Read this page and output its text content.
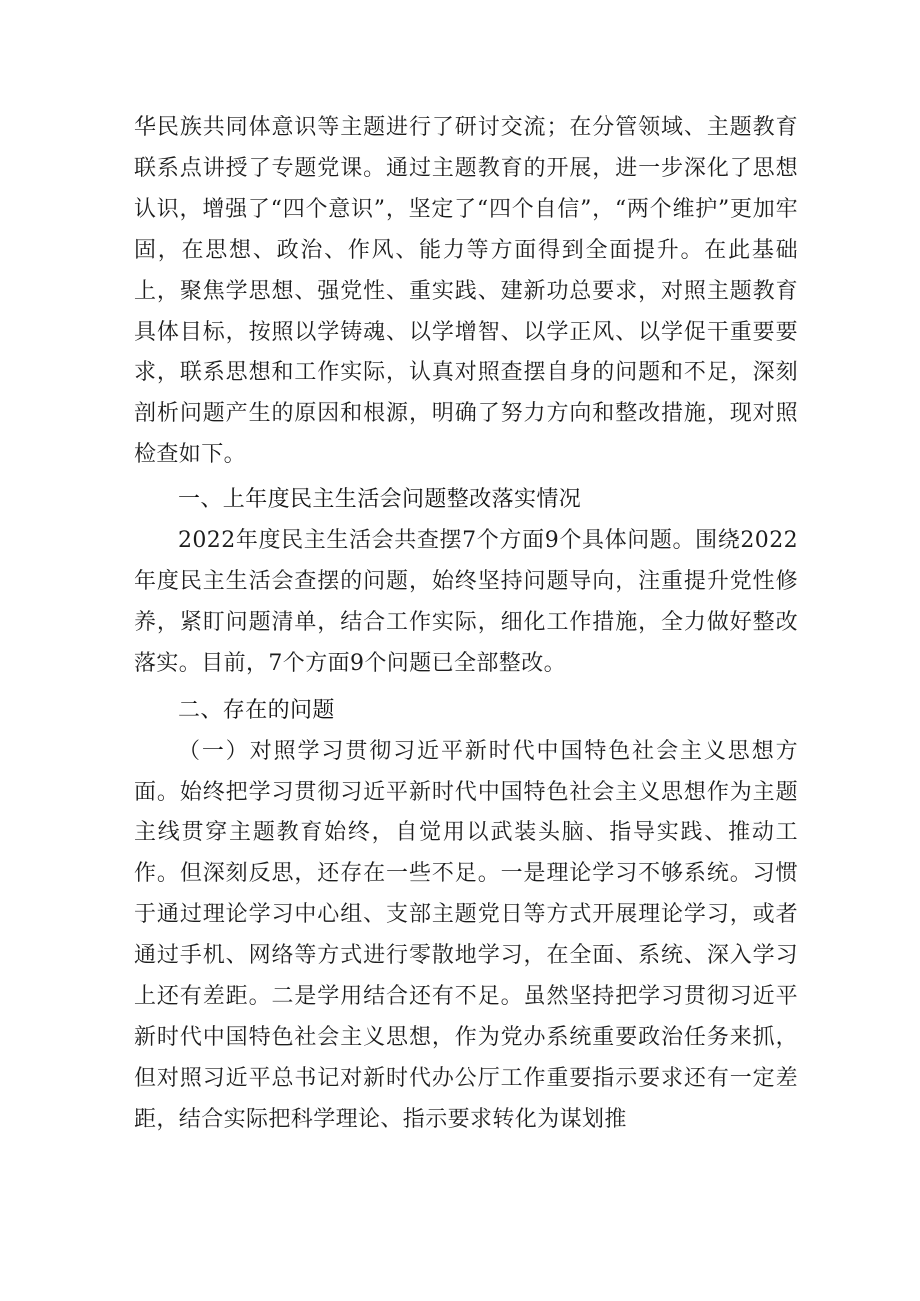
华民族共同体意识等主题进行了研讨交流；在分管领域、主题教育联系点讲授了专题党课。通过主题教育的开展，进一步深化了思想认识，增强了“四个意识”，坚定了“四个自信”，“两个维护”更加牢固，在思想、政治、作风、能力等方面得到全面提升。在此基础上，聚焦学思想、强党性、重实践、建新功总要求，对照主题教育具体目标，按照以学铸魂、以学增智、以学正风、以学促干重要要求，联系思想和工作实际，认真对照查摆自身的问题和不足，深刻剖析问题产生的原因和根源，明确了努力方向和整改措施，现对照检查如下。

一、上年度民主生活会问题整改落实情况

2022年度民主生活会共查摆7个方面9个具体问题。围绕2022年度民主生活会查摆的问题，始终坚持问题导向，注重提升党性修养，紧盯问题清单，结合工作实际，细化工作措施，全力做好整改落实。目前，7个方面9个问题已全部整改。

二、存在的问题

（一）对照学习贯彻习近平新时代中国特色社会主义思想方面。始终把学习贯彻习近平新时代中国特色社会主义思想作为主题主线贯穿主题教育始终，自觉用以武装头脑、指导实践、推动工作。但深刻反思，还存在一些不足。一是理论学习不够系统。习惯于通过理论学习中心组、支部主题党日等方式开展理论学习，或者通过手机、网络等方式进行零散地学习，在全面、系统、深入学习上还有差距。二是学用结合还有不足。虽然坚持把学习贯彻习近平新时代中国特色社会主义思想，作为党办系统重要政治任务来抓，但对照习近平总书记对新时代办公厅工作重要指示要求还有一定差距，结合实际把科学理论、指示要求转化为谋划推
